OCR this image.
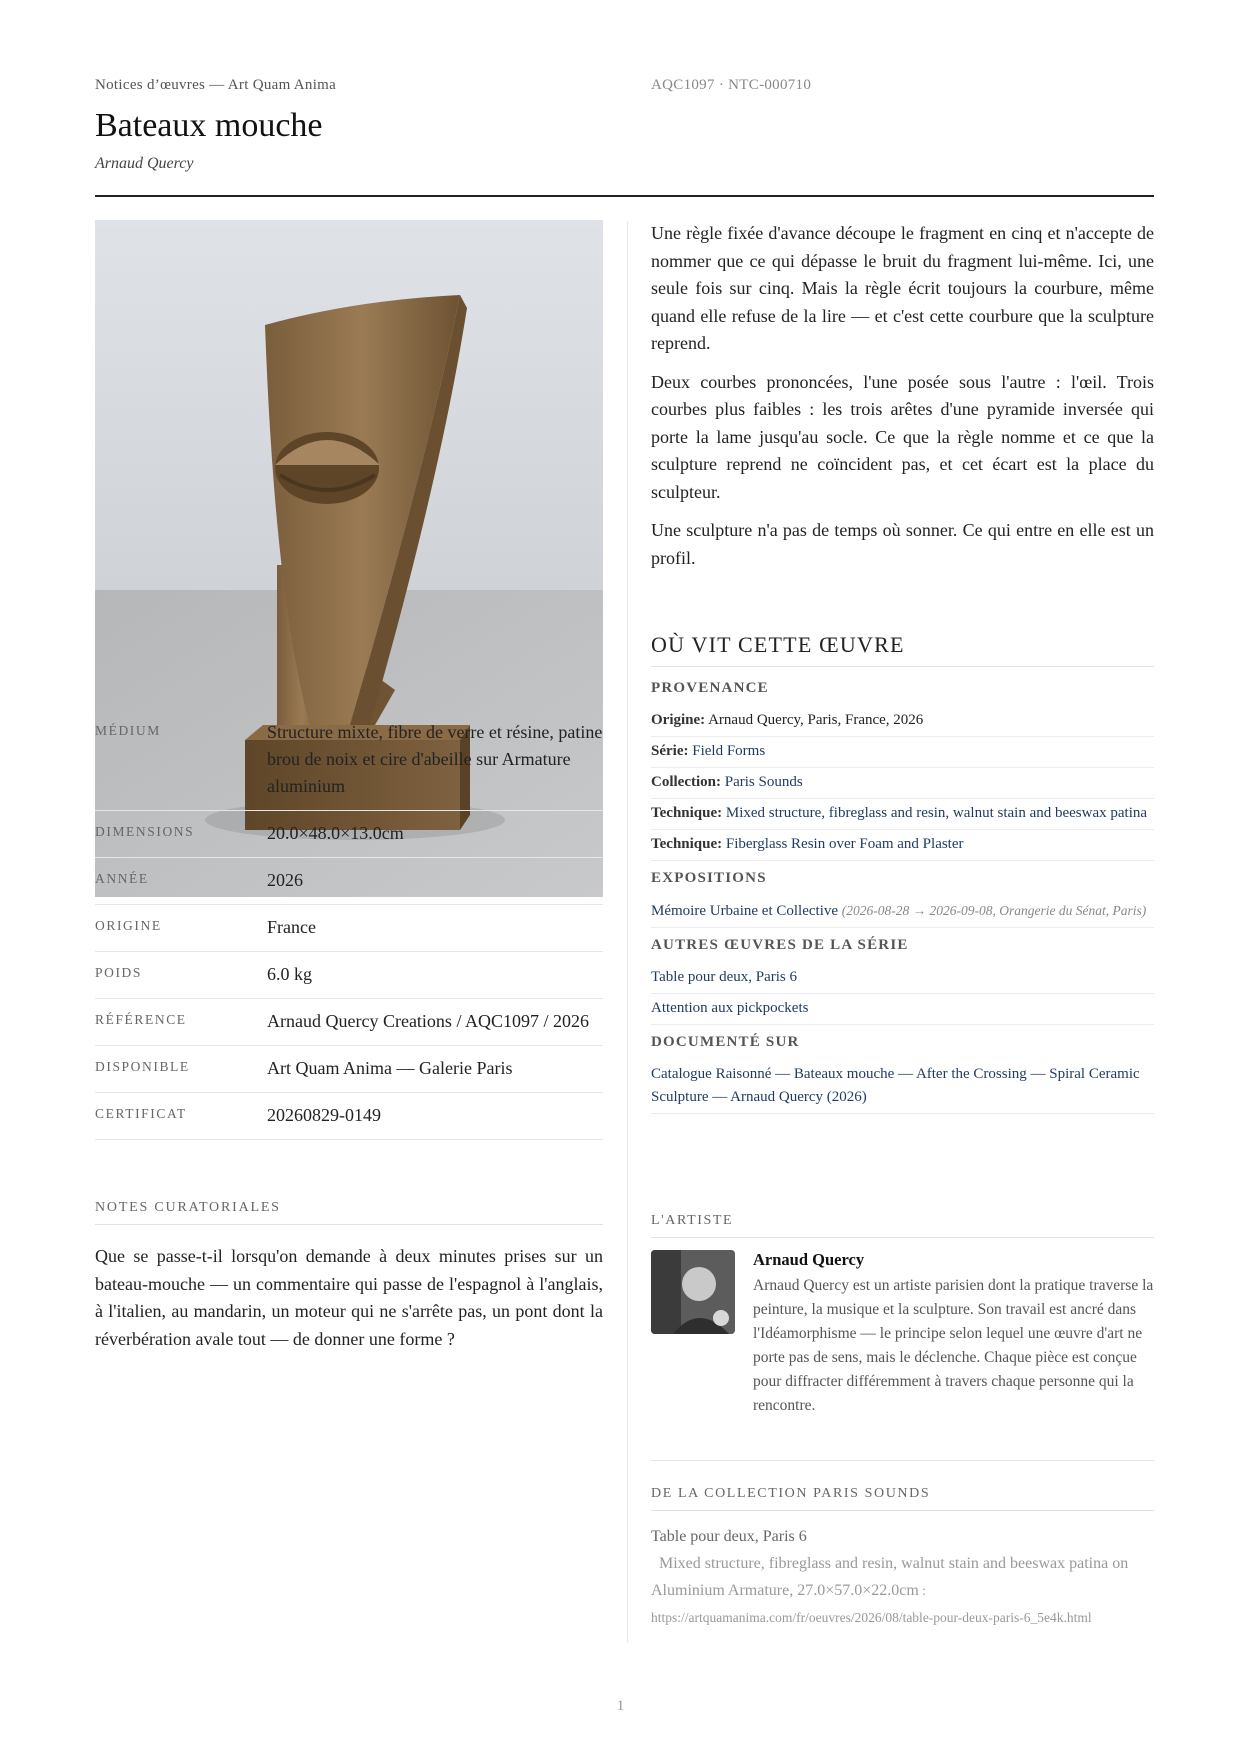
Notices d’œuvres — Art Quam Anima	AQC1097 · NTC-000710
Bateaux mouche
Arnaud Quercy
MÉDIUM	Structure mixte, fibre de verre et résine, patine brou de noix et cire d'abeille sur Armature aluminium
DIMENSIONS	20.0×48.0×13.0cm
ANNÉE	2026
ORIGINE	France
POIDS	6.0 kg
RÉFÉRENCE	Arnaud Quercy Creations / AQC1097 / 2026
DISPONIBLE	Art Quam Anima — Galerie Paris
CERTIFICAT	20260829-0149
NOTES CURATORIALES
Que se passe-t-il lorsqu'on demande à deux minutes prises sur un bateau-mouche — un commentaire qui passe de l'espagnol à l'anglais, à l'italien, au mandarin, un moteur qui ne s'arrête pas, un pont dont la réverbération avale tout — de donner une forme ?

Une règle fixée d'avance découpe le fragment en cinq et n'accepte de nommer que ce qui dépasse le bruit du fragment lui-même. Ici, une seule fois sur cinq. Mais la règle écrit toujours la courbure, même quand elle refuse de la lire — et c'est cette courbure que la sculpture reprend.

Deux courbes prononcées, l'une posée sous l'autre : l'œil. Trois courbes plus faibles : les trois arêtes d'une pyramide inversée qui porte la lame jusqu'au socle. Ce que la règle nomme et ce que la sculpture reprend ne coïncident pas, et cet écart est la place du sculpteur.

Une sculpture n'a pas de temps où sonner. Ce qui entre en elle est un profil.

OÙ VIT CETTE ŒUVRE
PROVENANCE
Origine: Arnaud Quercy, Paris, France, 2026
Série: Field Forms
Collection: Paris Sounds
Technique: Mixed structure, fibreglass and resin, walnut stain and beeswax patina
Technique: Fiberglass Resin over Foam and Plaster
EXPOSITIONS
Mémoire Urbaine et Collective (2026-08-28 → 2026-09-08, Orangerie du Sénat, Paris)
AUTRES ŒUVRES DE LA SÉRIE
Table pour deux, Paris 6
Attention aux pickpockets
DOCUMENTÉ SUR
Catalogue Raisonné — Bateaux mouche — After the Crossing — Spiral Ceramic Sculpture — Arnaud Quercy (2026)
L'ARTISTE
Arnaud Quercy
Arnaud Quercy est un artiste parisien dont la pratique traverse la peinture, la musique et la sculpture. Son travail est ancré dans l'Idéamorphisme — le principe selon lequel une œuvre d'art ne porte pas de sens, mais le déclenche. Chaque pièce est conçue pour diffracter différemment à travers chaque personne qui la rencontre.
DE LA COLLECTION PARIS SOUNDS
Table pour deux, Paris 6
Mixed structure, fibreglass and resin, walnut stain and beeswax patina on Aluminium Armature, 27.0×57.0×22.0cm : https://artquamanima.com/fr/oeuvres/2026/08/table-pour-deux-paris-6_5e4k.html
1
